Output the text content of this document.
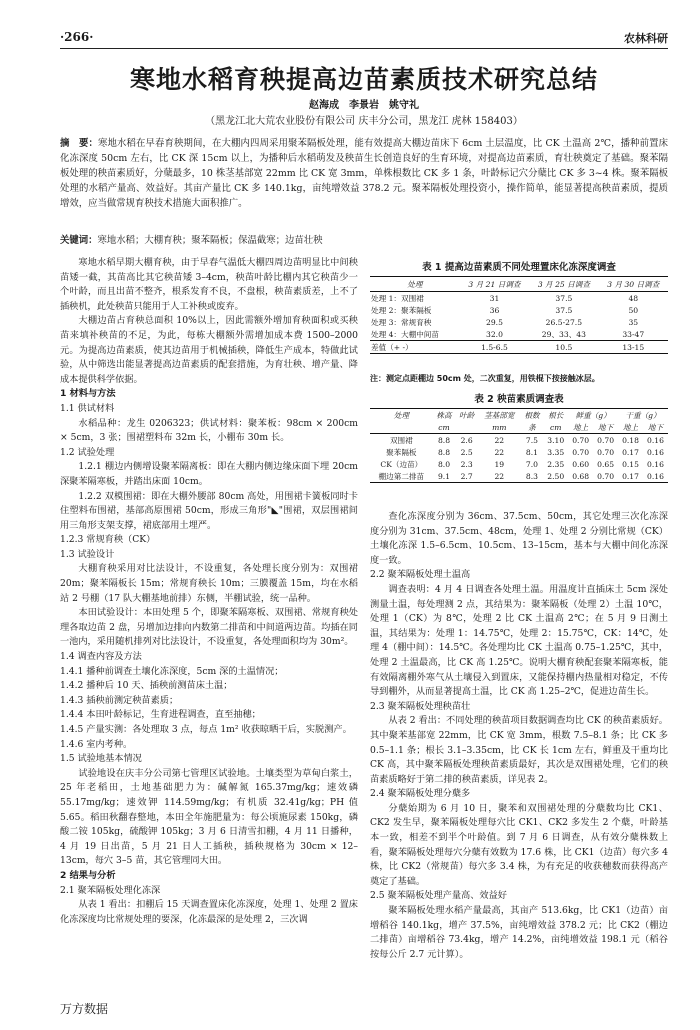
·266·	农林科研
寒地水稻育秧提高边苗素质技术研究总结
赵海成　李景岩　姚守礼
（黑龙江北大荒农业股份有限公司 庆丰分公司，黑龙江 虎林 158403）
摘　要：寒地水稻在早春育秧期间，在大棚内四周采用聚苯隔板处理，能有效提高大棚边苗床下 6cm 土层温度，比 CK 土温高 2℃，播种前置床化冻深度 50cm 左右，比 CK 深 15cm 以上，为播种后水稻萌发及秧苗生长创造良好的生育环境，对提高边苗素质，育壮秧奠定了基础。聚苯隔板处理的秧苗素质好，分蘖最多，10 株茎基部宽 22mm 比 CK 宽 3mm，单株根数比 CK 多 1 条，叶龄标记穴分蘖比 CK 多 3~4 株。聚苯隔板处理的水稻产量高、效益好。其亩产量比 CK 多 140.1kg，亩纯增效益 378.2 元。聚苯隔板处理投资小，操作简单，能显著提高秧苗素质，提质增效，应当做常规育秧技术措施大面积推广。
关键词：寒地水稻；大棚育秧；聚苯隔板；保温截寒；边苗壮秧

寒地水稻早期大棚育秧，由于早春气温低大棚四周边苗明显比中间秧苗矮一截，其苗高比其它秧苗矮 3–4cm，秧苗叶龄比棚内其它秧苗少一个叶龄，而且出苗不整齐，根系发育不良，不盘根，秧苗素质差，上不了插秧机，此处秧苗只能用于人工补秧或废弃。

大棚边苗占育秧总面积 10%以上，因此需额外增加育秧面积或买秧苗来填补秧苗的不足，为此，每栋大棚额外需增加成本费 1500–2000 元。为提高边苗素质，使其边苗用于机械插秧，降低生产成本，特做此试验，从中筛选出能显著提高边苗素质的配套措施，为育壮秧、增产量、降成本提供科学依据。

1 材料与方法

1.1 供试材料

水稻品种：龙生 0206323；供试材料：聚苯板：98cm × 200cm × 5cm，3 张；围裙塑料布 32m 长，小棚布 30m 长。

1.2 试验处理

1.2.1 棚边内侧增设聚苯隔离板：即在大棚内侧边缘床面下埋 20cm 深聚苯隔寒板，并踏出床面 10cm。

1.2.2 双模围裙：即在大棚外腰部 80cm 高处，用围裙卡簧板同时卡住塑料布围裙，基部高原围裙 50cm，形成三角形"◣"围裙，双层围裙间用三角形支架支撑，裙底部用土埋严。

1.2.3 常规育秧（CK）

1.3 试验设计

大棚育秧采用对比法设计，不设重复，各处理长度分别为：双围裙 20m；聚苯隔板长 15m；常规育秧长 10m；三膜覆盖 15m，均在水稻站 2 号棚（17 队大棚基地前排）东侧，半棚试验，统一品种。

本田试验设计：本田处理 5 个，即聚苯隔寒板、双围裙、常规育秧处理各取边苗 2 盘，另增加边排向内数第二排苗和中间道两边苗。均插在同一池内，采用随机排列对比法设计，不设重复，各处理面积均为 30m²。

1.4 调查内容及方法

1.4.1 播种前调查土壤化冻深度，5cm 深的土温情况；

1.4.2 播种后 10 天、插秧前测苗床土温；

1.4.3 插秧前测定秧苗素质；

1.4.4 本田叶龄标记，生育进程调查，直至抽穗；

1.4.5 产量实测：各处理取 3 点，每点 1m² 收获晾晒干后，实脱测产。

1.4.6 室内考种。

1.5 试验地基本情况

试验地设在庆丰分公司第七管理区试验地。土壤类型为草甸白浆土，25 年老稻田，土地基础肥力为：碱解氮 165.37mg/kg；速效磷 55.17mg/kg；速效钾 114.59mg/kg；有机质 32.41g/kg；PH 值 5.65。稻田秋翻春整地，本田全年施肥量为：每公顷施尿素 150kg，磷酸二铵 105kg，硫酸钾 105kg；3 月 6 日清雪扣棚，4 月 11 日播种，4 月 19 日出苗，5 月 21 日人工插秧，插秧规格为 30cm × 12–13cm，每穴 3–5 苗，其它管理同大田。

2 结果与分析

2.1 聚苯隔板处理化冻深

从表 1 看出：扣棚后 15 天调查置床化冻深度，处理 1、处理 2 置床化冻深度均比常规处理的要深，化冻最深的是处理 2，三次调

表 1 提高边苗素质不同处理置床化冻深度调查
处理	3 月 21 日调查	3 月 25 日调查	3 月 30 日调查
处理 1：双围裙	31	37.5	48
处理 2：聚苯隔板	36	37.5	50
处理 3：常规育秧	29.5	26.5-27.5	35
处理 4：大棚中间苗	32.0	29、33、43	33-47
差值（+ -）	1.5-6.5	10.5	13-15
注：测定点距棚边 50cm 处，二次重复，用铁棍下按接触冰层。
表 2 秧苗素质调查表
处理	株高	叶龄	茎基部宽	根数	根长	鲜重（g）		干重（g）	
	cm		mm	条	cm	地上	地下	地上	地下
双围裙	8.8	2.6	22	7.5	3.10	0.70	0.70	0.18	0.16
聚苯隔板	8.8	2.5	22	8.1	3.35	0.70	0.70	0.17	0.16
CK（边苗）	8.0	2.3	19	7.0	2.35	0.60	0.65	0.15	0.16
棚边第二排苗	9.1	2.7	22	8.3	2.50	0.68	0.70	0.17	0.16

查化冻深度分别为 36cm、37.5cm、50cm，其它处理三次化冻深度分别为 31cm、37.5cm、48cm，处理 1、处理 2 分别比常规（CK）土壤化冻深 1.5–6.5cm、10.5cm、13–15cm，基本与大棚中间化冻深度一致。

2.2 聚苯隔板处理土温高

调查表明：4 月 4 日调查各处理土温。用温度计直插床土 5cm 深处测量土温，每处理测 2 点，其结果为：聚苯隔板（处理 2）土温 10℃，处理 1（CK）为 8℃，处理 2 比 CK 土温高 2℃；在 5 月 9 日测土温，其结果为：处理 1：14.75℃，处理 2：15.75℃，CK：14℃，处理 4（棚中间）：14.5℃。各处理均比 CK 土温高 0.75–1.25℃，其中，处理 2 土温最高，比 CK 高 1.25℃。说明大棚育秧配套聚苯隔寒板，能有效隔离棚外寒气从土壤侵入到置床，又能保持棚内热量相对稳定，不传导到棚外，从而显著提高土温，比 CK 高 1.25–2℃，促进边苗生长。

2.3 聚苯隔板处理秧苗壮

从表 2 看出：不同处理的秧苗项目数据调查均比 CK 的秧苗素质好。其中聚苯基部宽 22mm，比 CK 宽 3mm，根数 7.5–8.1 条；比 CK 多 0.5–1.1 条；根长 3.1–3.35cm，比 CK 长 1cm 左右，鲜重及干重均比 CK 高，其中聚苯隔板处理秧苗素质最好，其次是双围裙处理，它们的秧苗素质略好于第二排的秧苗素质，详见表 2。

2.4 聚苯隔板处理分蘖多

分蘖始期为 6 月 10 日，聚苯和双围裙处理的分蘖数均比 CK1、CK2 发生早，聚苯隔板处理每穴比 CK1、CK2 多发生 2 个蘖，叶龄基本一致，相差不到半个叶龄值。到 7 月 6 日调查，从有效分蘖株数上看，聚苯隔板处理每穴分蘖有效数为 17.6 株，比 CK1（边苗）每穴多 4 株，比 CK2（常规苗）每穴多 3.4 株，为有充足的收获穗数而获得高产奠定了基础。

2.5 聚苯隔板处理产量高、效益好

聚苯隔板处理水稻产量最高，其亩产 513.6kg，比 CK1（边苗）亩增稻谷 140.1kg，增产 37.5%，亩纯增效益 378.2 元；比 CK2（棚边二排苗）亩增稻谷 73.4kg，增产 14.2%，亩纯增效益 198.1 元（稻谷按每公斤 2.7 元计算）。

万方数据
